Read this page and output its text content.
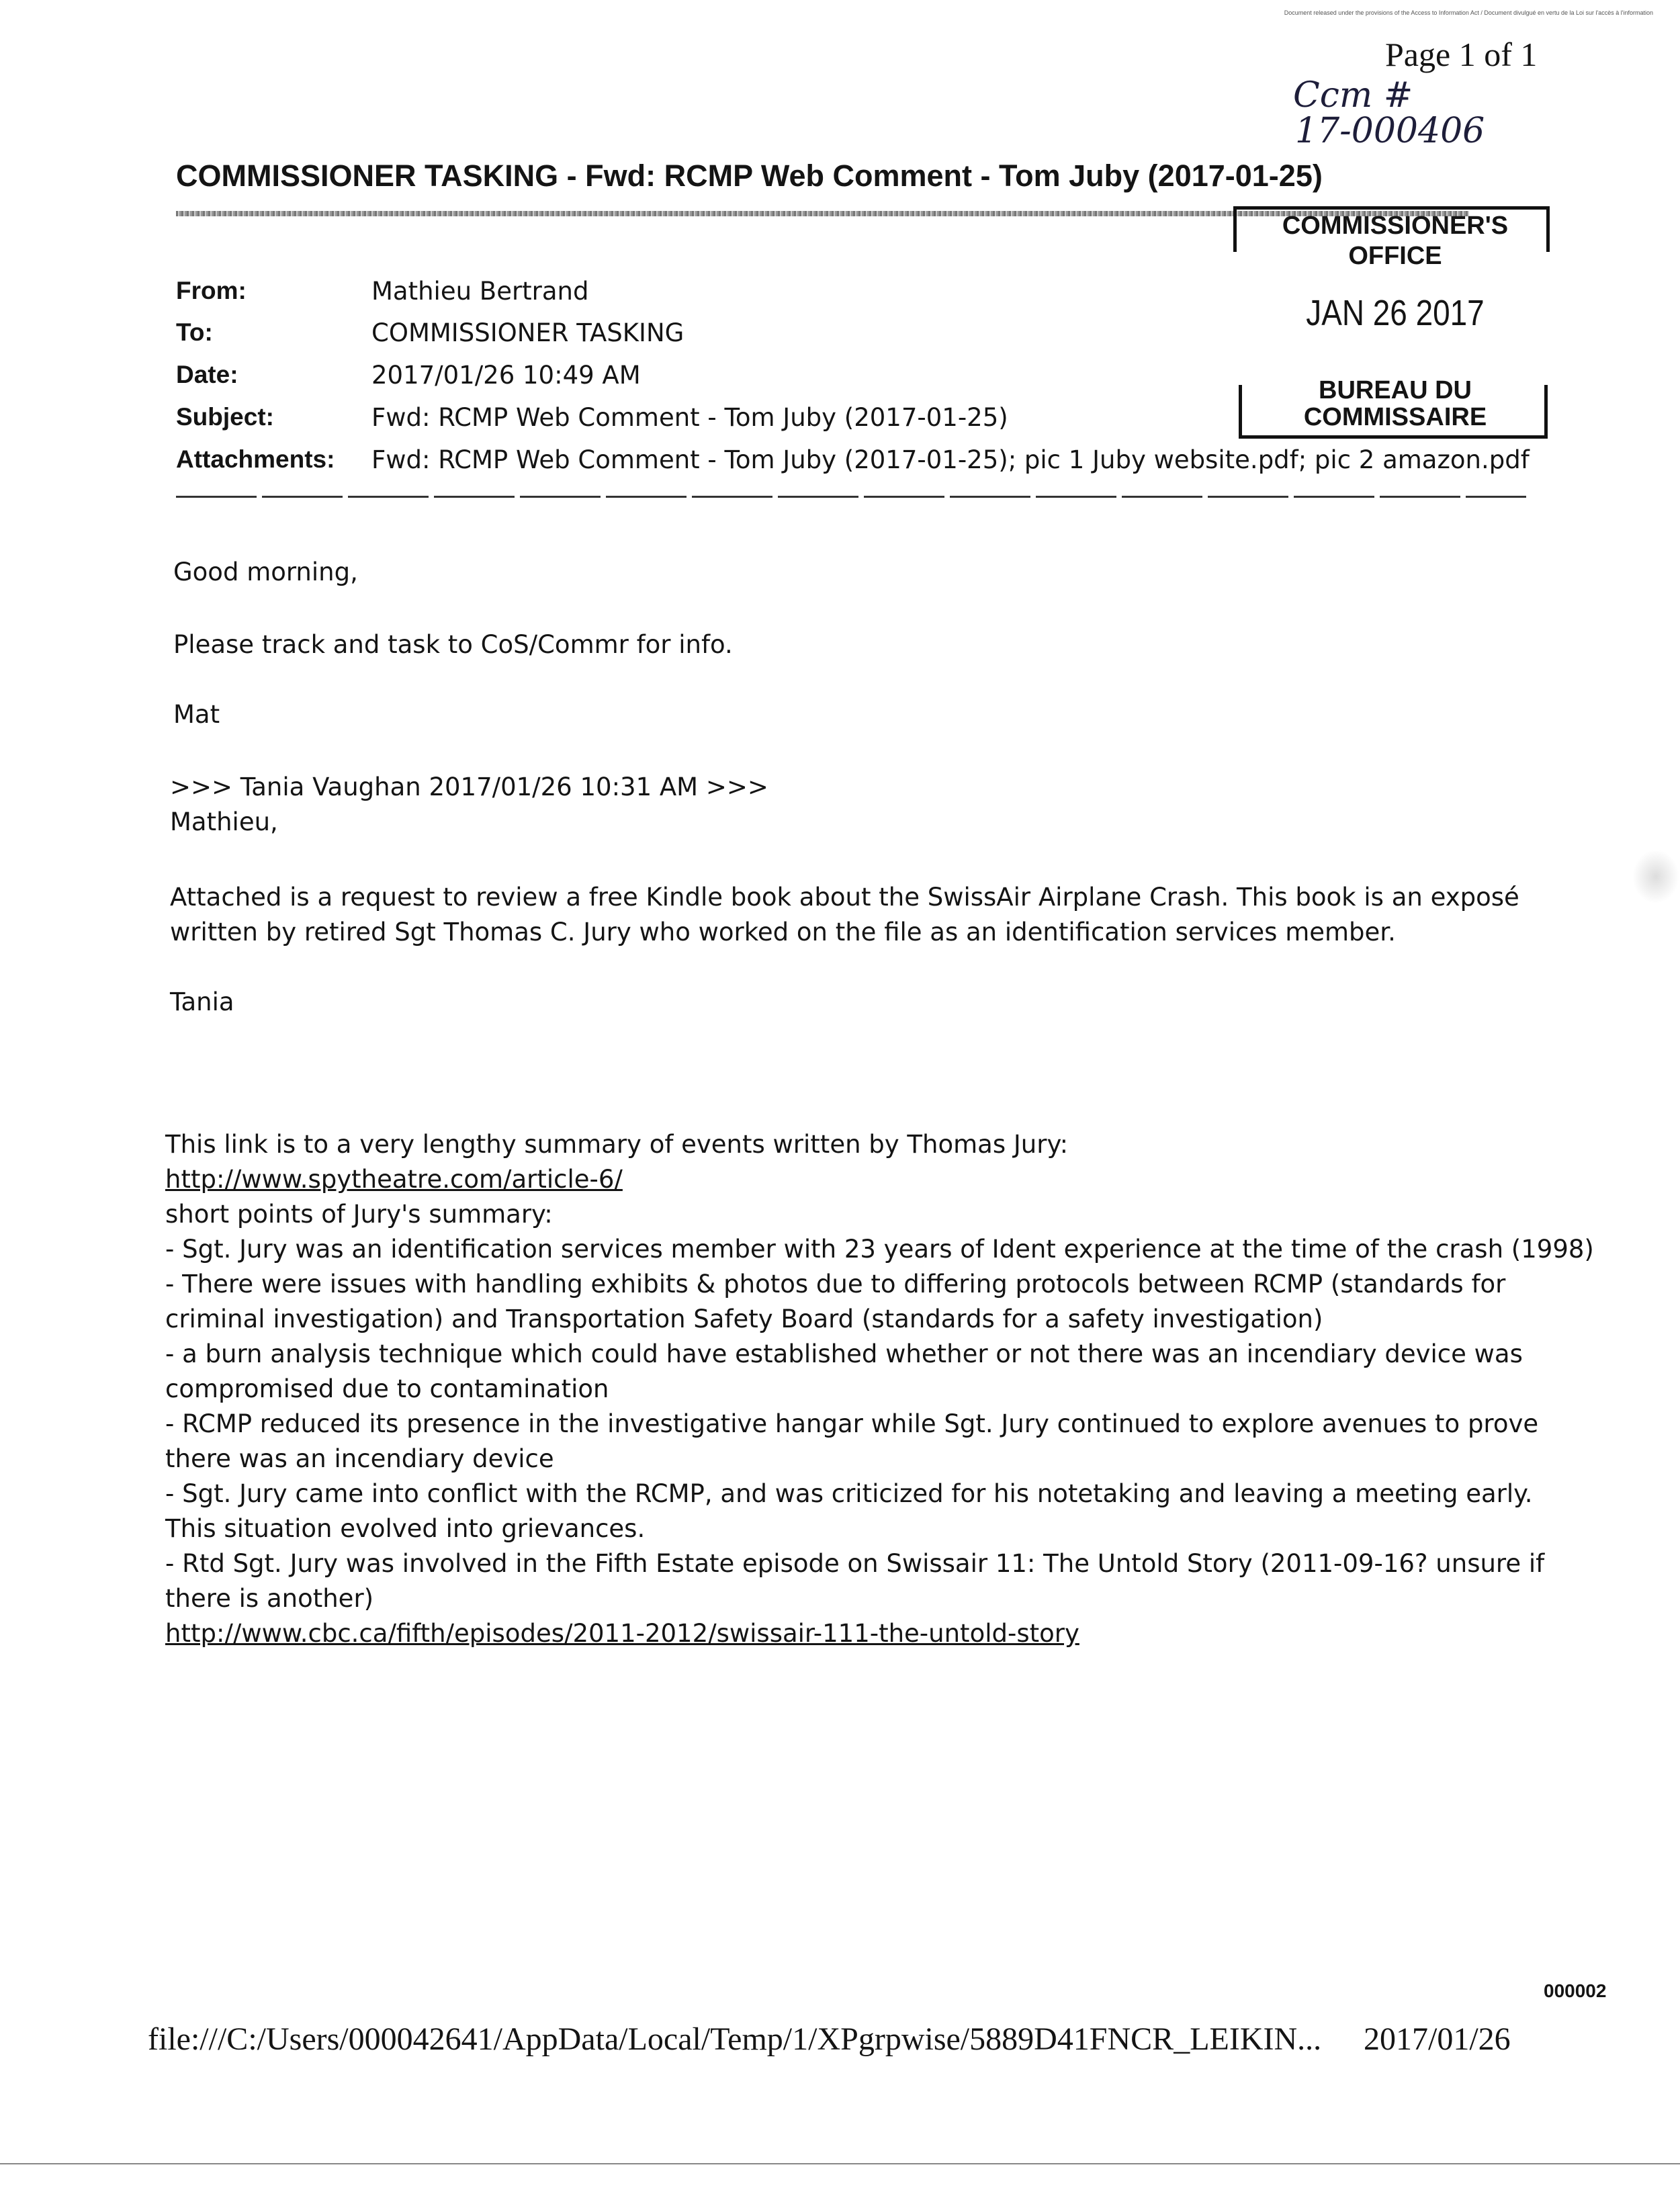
Document released under the provisions of the Access to Information Act / Document divulgué en vertu de la Loi sur l'accès à l'information
Page 1 of 1
Ccm #
17-000406
COMMISSIONER TASKING - Fwd: RCMP Web Comment - Tom Juby (2017-01-25)
COMMISSIONER'S
OFFICE
JAN 26 2017
BUREAU DU
COMMISSAIRE
From:	Mathieu Bertrand
To:	COMMISSIONER TASKING
Date:	2017/01/26 10:49 AM
Subject:	Fwd: RCMP Web Comment - Tom Juby (2017-01-25)
Attachments: Fwd: RCMP Web Comment - Tom Juby (2017-01-25); pic 1 Juby website.pdf; pic 2 amazon.pdf
Good morning,
Please track and task to CoS/Commr for info.
Mat
>>> Tania Vaughan 2017/01/26 10:31 AM >>>
Mathieu,
Attached is a request to review a free Kindle book about the SwissAir Airplane Crash. This book is an exposé
written by retired Sgt Thomas C. Jury who worked on the file as an identification services member.
Tania
This link is to a very lengthy summary of events written by Thomas Jury:
http://www.spytheatre.com/article-6/
short points of Jury's summary:
- Sgt. Jury was an identification services member with 23 years of Ident experience at the time of the crash (1998)
- There were issues with handling exhibits & photos due to differing protocols between RCMP (standards for
criminal investigation) and Transportation Safety Board (standards for a safety investigation)
- a burn analysis technique which could have established whether or not there was an incendiary device was
compromised due to contamination
- RCMP reduced its presence in the investigative hangar while Sgt. Jury continued to explore avenues to prove
there was an incendiary device
- Sgt. Jury came into conflict with the RCMP, and was criticized for his notetaking and leaving a meeting early.
This situation evolved into grievances.
- Rtd Sgt. Jury was involved in the Fifth Estate episode on Swissair 11: The Untold Story (2011-09-16? unsure if
there is another)
http://www.cbc.ca/fifth/episodes/2011-2012/swissair-111-the-untold-story
000002
file:///C:/Users/000042641/AppData/Local/Temp/1/XPgrpwise/5889D41FNCR_LEIKIN... 2017/01/26
